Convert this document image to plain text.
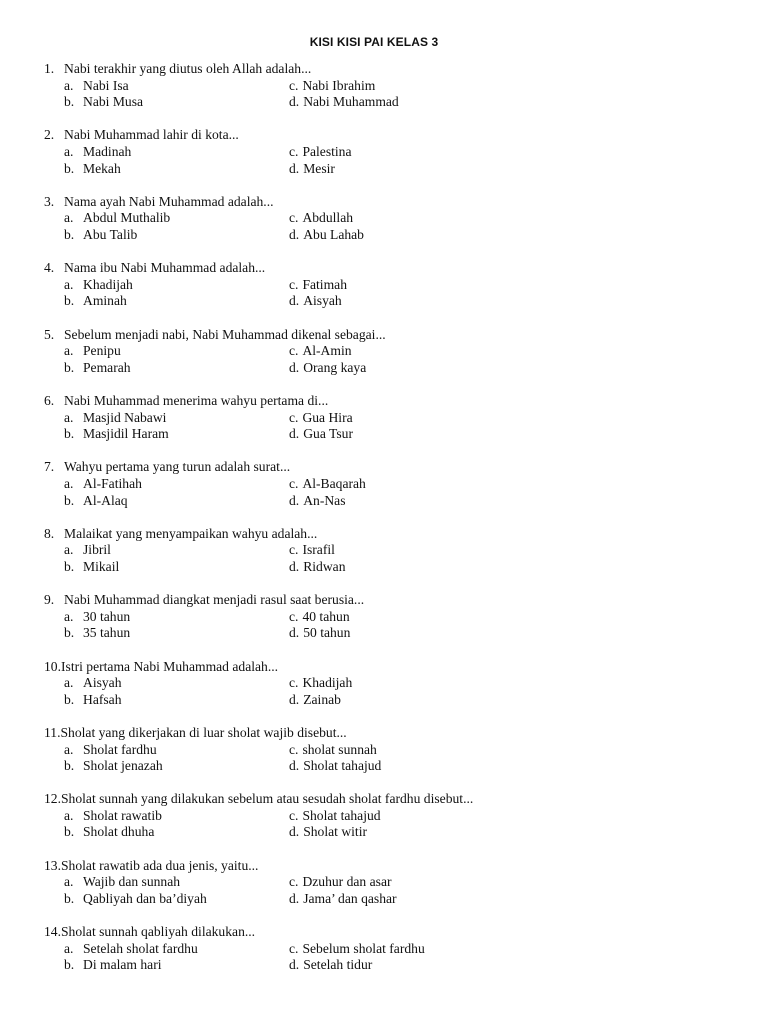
KISI KISI PAI KELAS 3
1. Nabi terakhir yang diutus oleh Allah adalah...
a. Nabi Isa	c. Nabi Ibrahim
b. Nabi Musa	d. Nabi Muhammad
2. Nabi Muhammad lahir di kota...
a. Madinah	c. Palestina
b. Mekah	d. Mesir
3. Nama ayah Nabi Muhammad adalah...
a. Abdul Muthalib	c. Abdullah
b. Abu Talib	d. Abu Lahab
4. Nama ibu Nabi Muhammad adalah...
a. Khadijah	c. Fatimah
b. Aminah	d. Aisyah
5. Sebelum menjadi nabi, Nabi Muhammad dikenal sebagai...
a. Penipu	c. Al-Amin
b. Pemarah	d. Orang kaya
6. Nabi Muhammad menerima wahyu pertama di...
a. Masjid Nabawi	c. Gua Hira
b. Masjidil Haram	d. Gua Tsur
7. Wahyu pertama yang turun adalah surat...
a. Al-Fatihah	c. Al-Baqarah
b. Al-Alaq	d. An-Nas
8. Malaikat yang menyampaikan wahyu adalah...
a. Jibril	c. Israfil
b. Mikail	d. Ridwan
9. Nabi Muhammad diangkat menjadi rasul saat berusia...
a. 30 tahun	c. 40 tahun
b. 35 tahun	d. 50 tahun
10. Istri pertama Nabi Muhammad adalah...
a. Aisyah	c. Khadijah
b. Hafsah	d. Zainab
11. Sholat yang dikerjakan di luar sholat wajib disebut...
a. Sholat fardhu	c. sholat sunnah
b. Sholat jenazah	d. Sholat tahajud
12. Sholat sunnah yang dilakukan sebelum atau sesudah sholat fardhu disebut...
a. Sholat rawatib	c. Sholat tahajud
b. Sholat dhuha	d. Sholat witir
13. Sholat rawatib ada dua jenis, yaitu...
a. Wajib dan sunnah	c. Dzuhur dan asar
b. Qabliyah dan ba’diyah	d. Jama’ dan qashar
14. Sholat sunnah qabliyah dilakukan...
a. Setelah sholat fardhu	c. Sebelum sholat fardhu
b. Di malam hari	d. Setelah tidur
